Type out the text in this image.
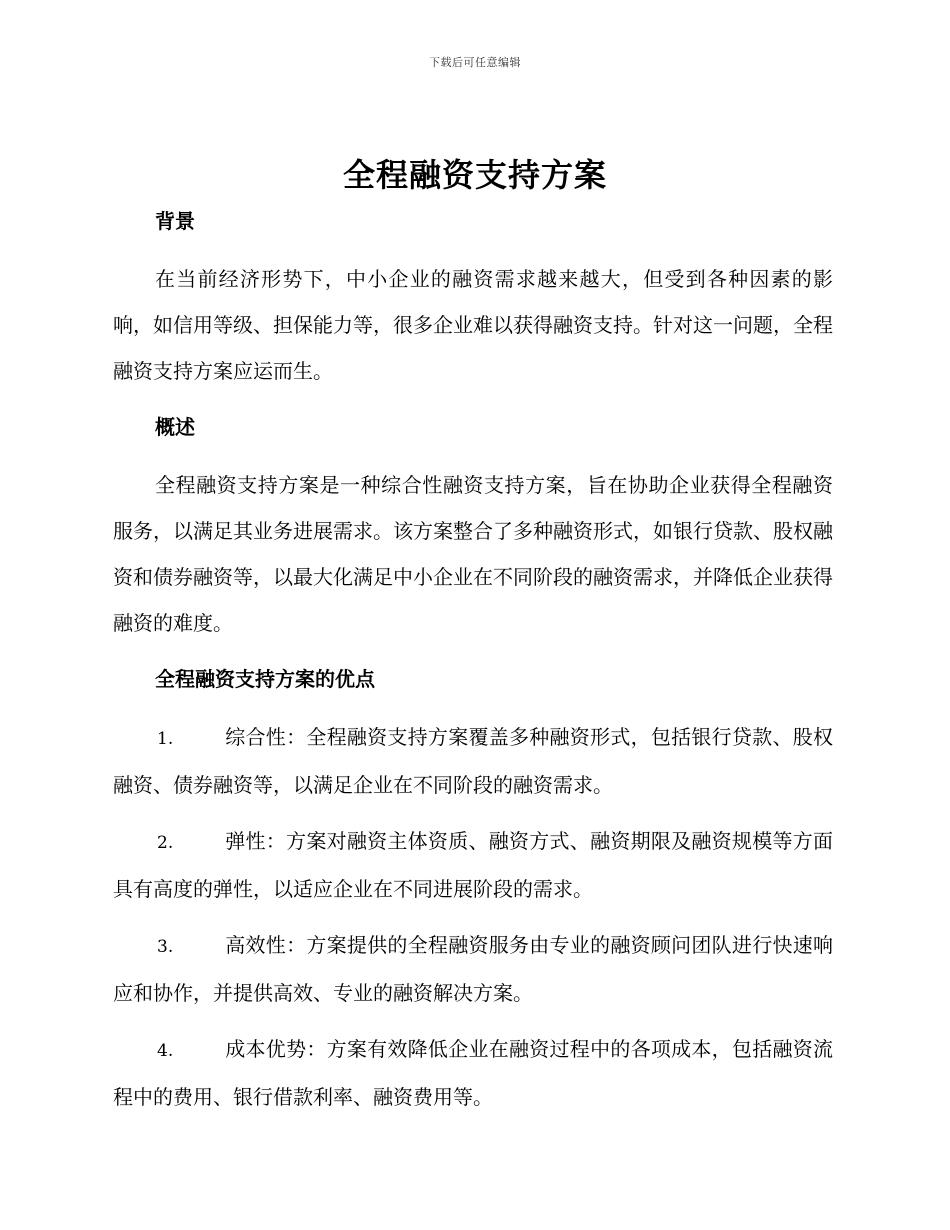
下载后可任意编辑
全程融资支持方案

背景

在当前经济形势下，中小企业的融资需求越来越大，但受到各种因素的影响，如信用等级、担保能力等，很多企业难以获得融资支持。针对这一问题，全程融资支持方案应运而生。

概述

全程融资支持方案是一种综合性融资支持方案，旨在协助企业获得全程融资服务，以满足其业务进展需求。该方案整合了多种融资形式，如银行贷款、股权融资和债券融资等，以最大化满足中小企业在不同阶段的融资需求，并降低企业获得融资的难度。

全程融资支持方案的优点

1.	综合性：全程融资支持方案覆盖多种融资形式，包括银行贷款、股权融资、债券融资等，以满足企业在不同阶段的融资需求。

2.	弹性：方案对融资主体资质、融资方式、融资期限及融资规模等方面具有高度的弹性，以适应企业在不同进展阶段的需求。

3.	高效性：方案提供的全程融资服务由专业的融资顾问团队进行快速响应和协作，并提供高效、专业的融资解决方案。

4.	成本优势：方案有效降低企业在融资过程中的各项成本，包括融资流程中的费用、银行借款利率、融资费用等。
